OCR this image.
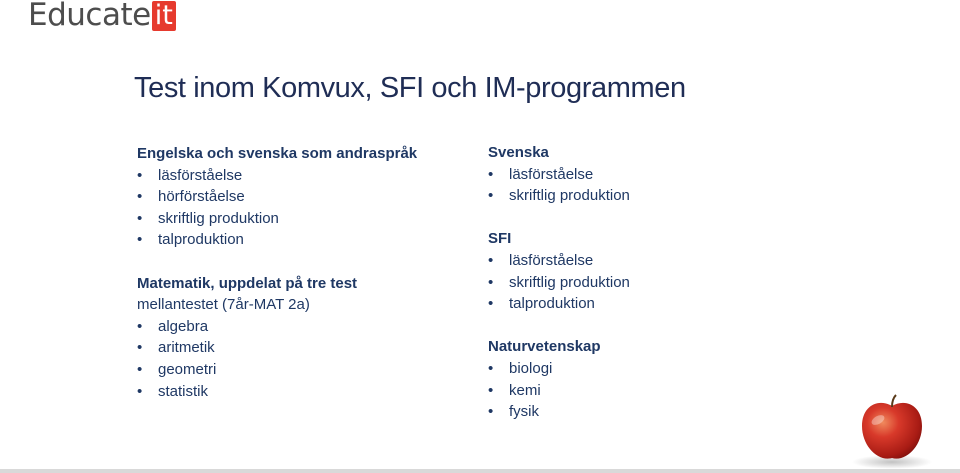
Educate it
Test inom Komvux, SFI och IM-programmen
Engelska och svenska som andraspråk
• läsförståelse
• hörförståelse
• skriftlig produktion
• talproduktion
Matematik, uppdelat på tre test
mellantestet (7år-MAT 2a)
• algebra
• aritmetik
• geometri
• statistik
Svenska
• läsförståelse
• skriftlig produktion
SFI
• läsförståelse
• skriftlig produktion
• talproduktion
Naturvetenskap
• biologi
• kemi
• fysik
